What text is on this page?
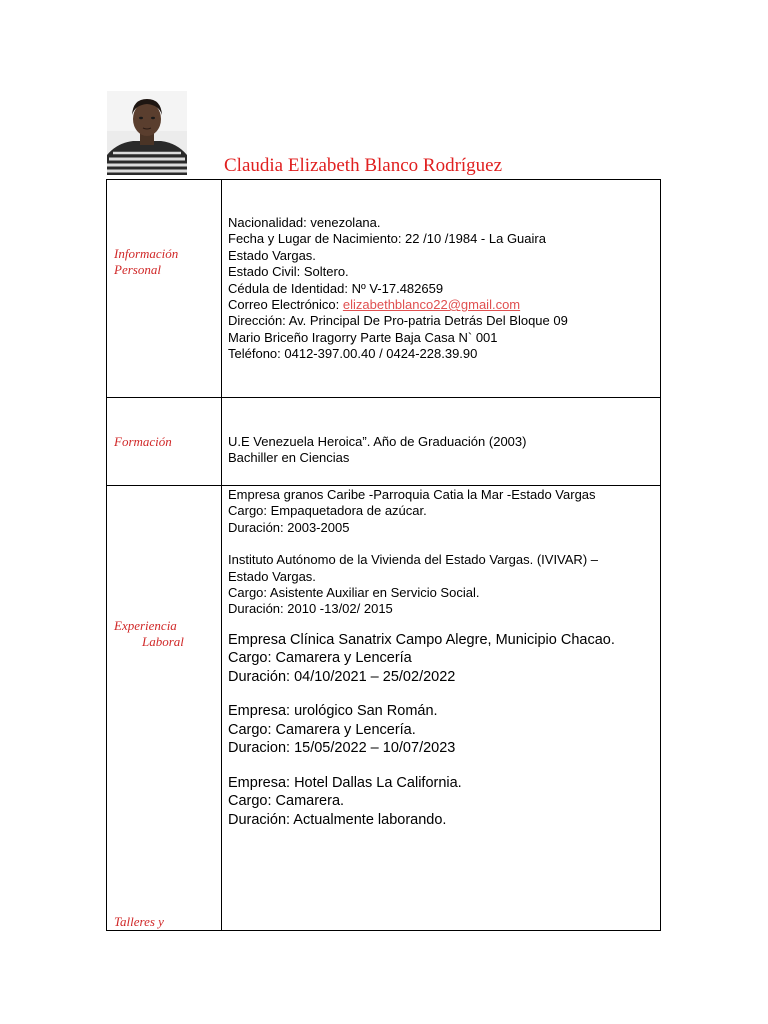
Claudia Elizabeth Blanco Rodríguez
Información
Personal

Nacionalidad: venezolana.

Fecha y Lugar de Nacimiento: 22 /10 /1984 - La Guaira

Estado Vargas.

Estado Civil: Soltero.

Cédula de Identidad: Nº V-17.482659

Correo Electrónico: elizabethblanco22@gmail.com

Dirección: Av. Principal De Pro-patria Detrás Del Bloque 09

Mario Briceño Iragorry Parte Baja Casa N` 001

Teléfono: 0412-397.00.40 / 0424-228.39.90

Formación	U.E Venezuela Heroica”. Año de Graduación (2003)

Bachiller en Ciencias

Experiencia
Laboral

Empresa granos Caribe -Parroquia Catia la Mar -Estado Vargas

Cargo: Empaquetadora de azúcar.

Duración: 2003-2005

Instituto Autónomo de la Vivienda del Estado Vargas. (IVIVAR) –

Estado Vargas.

Cargo: Asistente Auxiliar en Servicio Social.

Duración: 2010 -13/02/ 2015

Empresa Clínica Sanatrix Campo Alegre, Municipio Chacao.

Cargo: Camarera y Lencería

Duración: 04/10/2021 – 25/02/2022

Empresa: urológico San Román.

Cargo: Camarera y Lencería.

Duracion: 15/05/2022 – 10/07/2023

Empresa: Hotel Dallas La California.

Cargo: Camarera.

Duración: Actualmente laborando.

Talleres y
